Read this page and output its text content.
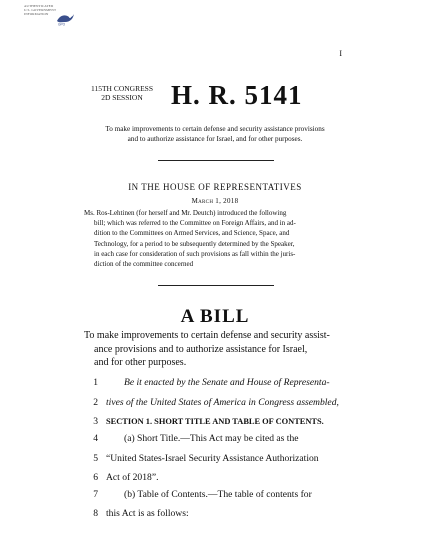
AUTHENTICATED
U.S. GOVERNMENT
INFORMATION
GPO
I
115TH CONGRESS
2D SESSION	H. R. 5141
To make improvements to certain defense and security assistance provisions
and to authorize assistance for Israel, and for other purposes.
IN THE HOUSE OF REPRESENTATIVES
March 1, 2018
Ms. Ros-Lehtinen (for herself and Mr. Deutch) introduced the following
bill; which was referred to the Committee on Foreign Affairs, and in ad-
dition to the Committees on Armed Services, and Science, Space, and
Technology, for a period to be subsequently determined by the Speaker,
in each case for consideration of such provisions as fall within the juris-
diction of the committee concerned
A BILL
To make improvements to certain defense and security assist-
ance provisions and to authorize assistance for Israel,
and for other purposes.
1	Be it enacted by the Senate and House of Representa-
2 tives of the United States of America in Congress assembled,
3 SECTION 1. SHORT TITLE AND TABLE OF CONTENTS.
4	(a) Short Title.—This Act may be cited as the
5 “United States-Israel Security Assistance Authorization
6 Act of 2018”.
7	(b) Table of Contents.—The table of contents for
8 this Act is as follows:
